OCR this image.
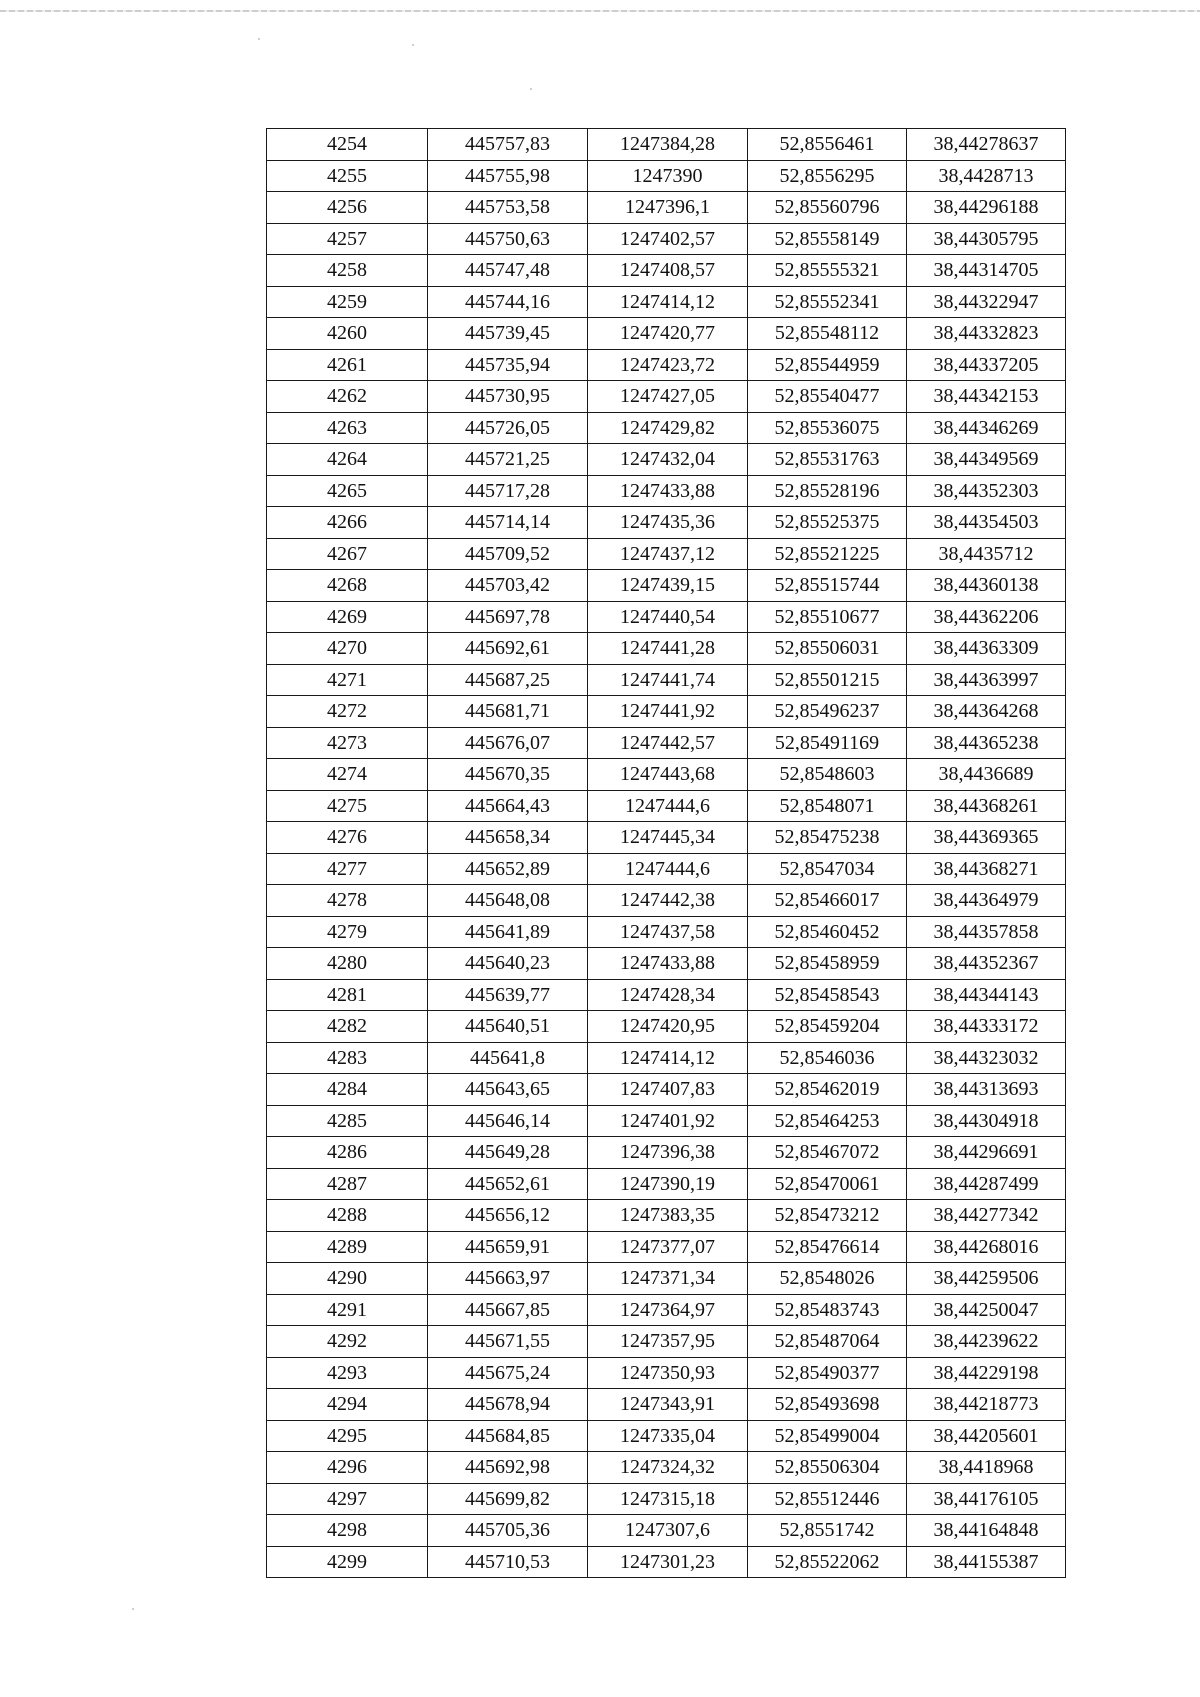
4254	445757,83	1247384,28	52,8556461	38,44278637
4255	445755,98	1247390	52,8556295	38,4428713
4256	445753,58	1247396,1	52,85560796	38,44296188
4257	445750,63	1247402,57	52,85558149	38,44305795
4258	445747,48	1247408,57	52,85555321	38,44314705
4259	445744,16	1247414,12	52,85552341	38,44322947
4260	445739,45	1247420,77	52,85548112	38,44332823
4261	445735,94	1247423,72	52,85544959	38,44337205
4262	445730,95	1247427,05	52,85540477	38,44342153
4263	445726,05	1247429,82	52,85536075	38,44346269
4264	445721,25	1247432,04	52,85531763	38,44349569
4265	445717,28	1247433,88	52,85528196	38,44352303
4266	445714,14	1247435,36	52,85525375	38,44354503
4267	445709,52	1247437,12	52,85521225	38,4435712
4268	445703,42	1247439,15	52,85515744	38,44360138
4269	445697,78	1247440,54	52,85510677	38,44362206
4270	445692,61	1247441,28	52,85506031	38,44363309
4271	445687,25	1247441,74	52,85501215	38,44363997
4272	445681,71	1247441,92	52,85496237	38,44364268
4273	445676,07	1247442,57	52,85491169	38,44365238
4274	445670,35	1247443,68	52,8548603	38,4436689
4275	445664,43	1247444,6	52,8548071	38,44368261
4276	445658,34	1247445,34	52,85475238	38,44369365
4277	445652,89	1247444,6	52,8547034	38,44368271
4278	445648,08	1247442,38	52,85466017	38,44364979
4279	445641,89	1247437,58	52,85460452	38,44357858
4280	445640,23	1247433,88	52,85458959	38,44352367
4281	445639,77	1247428,34	52,85458543	38,44344143
4282	445640,51	1247420,95	52,85459204	38,44333172
4283	445641,8	1247414,12	52,8546036	38,44323032
4284	445643,65	1247407,83	52,85462019	38,44313693
4285	445646,14	1247401,92	52,85464253	38,44304918
4286	445649,28	1247396,38	52,85467072	38,44296691
4287	445652,61	1247390,19	52,85470061	38,44287499
4288	445656,12	1247383,35	52,85473212	38,44277342
4289	445659,91	1247377,07	52,85476614	38,44268016
4290	445663,97	1247371,34	52,8548026	38,44259506
4291	445667,85	1247364,97	52,85483743	38,44250047
4292	445671,55	1247357,95	52,85487064	38,44239622
4293	445675,24	1247350,93	52,85490377	38,44229198
4294	445678,94	1247343,91	52,85493698	38,44218773
4295	445684,85	1247335,04	52,85499004	38,44205601
4296	445692,98	1247324,32	52,85506304	38,4418968
4297	445699,82	1247315,18	52,85512446	38,44176105
4298	445705,36	1247307,6	52,8551742	38,44164848
4299	445710,53	1247301,23	52,85522062	38,44155387
